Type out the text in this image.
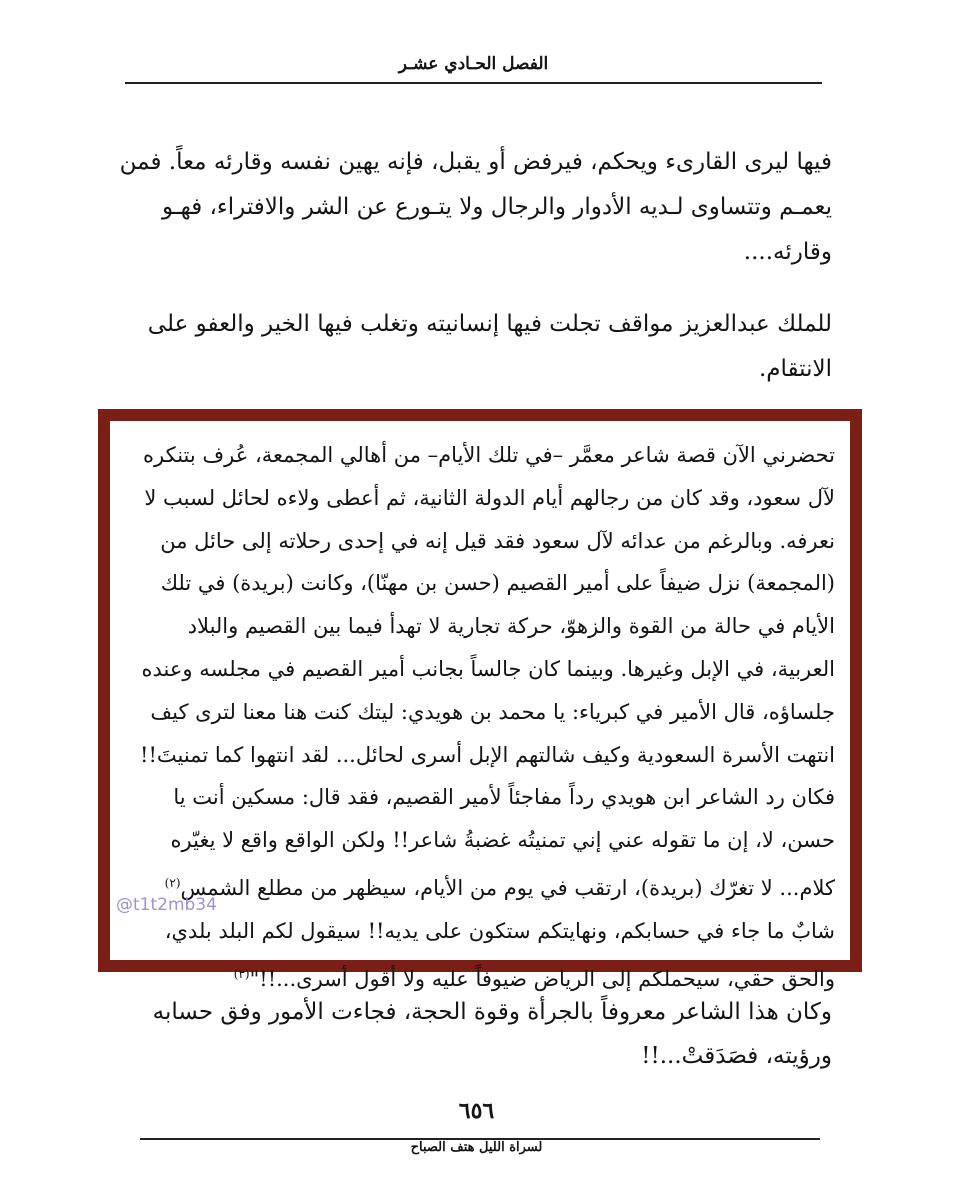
الفصل الحـادي عشـر
فيها ليرى القارىء ويحكم، فيرفض أو يقبل، فإنه يهين نفسه وقارئه معاً. فمن يعمـم وتتساوى لـديه الأدوار والرجال ولا يتـورع عن الشر والافتراء، فهـو وقارئه....
للملك عبدالعزيز مواقف تجلت فيها إنسانيته وتغلب فيها الخير والعفو على الانتقام.
تحضرني الآن قصة شاعر معمَّر –في تلك الأيام– من أهالي المجمعة، عُرف بتنكره لآل سعود، وقد كان من رجالهم أيام الدولة الثانية، ثم أعطى ولاءه لحائل لسبب لا نعرفه. وبالرغم من عدائه لآل سعود فقد قيل إنه في إحدى رحلاته إلى حائل من (المجمعة) نزل ضيفاً على أمير القصيم (حسن بن مهنّا)، وكانت (بريدة) في تلك الأيام في حالة من القوة والزهوّ، حركة تجارية لا تهدأ فيما بين القصيم والبلاد العربية، في الإبل وغيرها. وبينما كان جالساً بجانب أمير القصيم في مجلسه وعنده جلساؤه، قال الأمير في كبرياء: يا محمد بن هويدي: ليتك كنت هنا معنا لترى كيف انتهت الأسرة السعودية وكيف شالتهم الإبل أسرى لحائل... لقد انتهوا كما تمنيتَ!! فكان رد الشاعر ابن هويدي رداً مفاجئاً لأمير القصيم، فقد قال: مسكين أنت يا حسن، لا، إن ما تقوله عني إني تمنيتُه غضبةُ شاعر!! ولكن الواقع واقع لا يغيّره كلام... لا تغرّك (بريدة)، ارتقب في يوم من الأيام، سيظهر من مطلع الشمس$^{(٢)}$ شابٌ ما جاء في حسابكم، ونهايتكم ستكون على يديه!! سيقول لكم البلد بلدي، والحق حقي، سيحملكم إلى الرياض ضيوفاً عليه ولا أقول أسرى...!!"$^{(٣)}$
@t1t2mb34
وكان هذا الشاعر معروفاً بالجرأة وقوة الحجة، فجاءت الأمور وفق حسابه ورؤيته، فصَدَقتْ...!!
٦٥٦
لسراة الليل هتف الصباح
